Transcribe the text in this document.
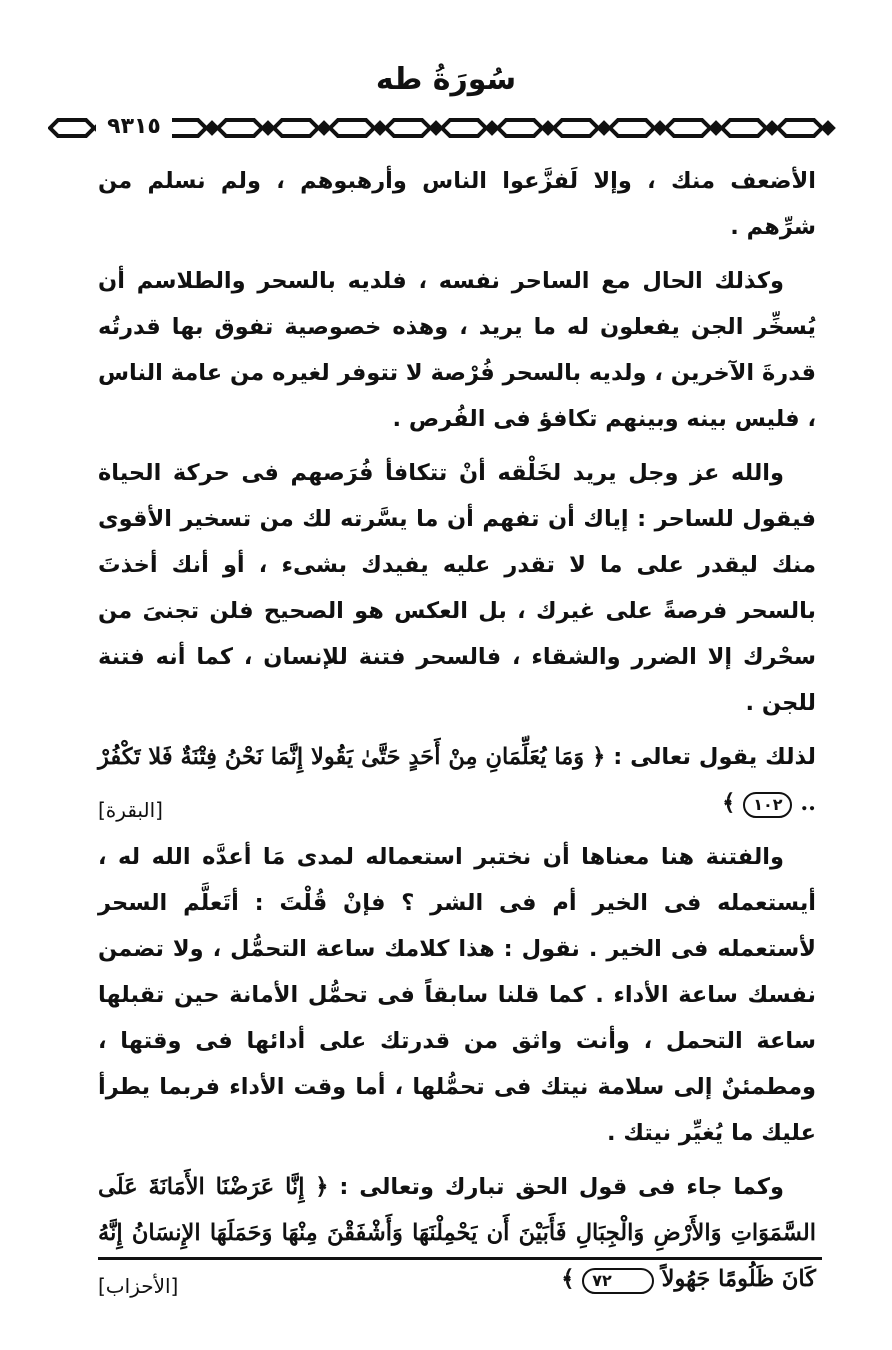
سُورَةُ طه
٩٣١٥

الأضعف منك ، وإلا لَفزَّعوا الناس وأرهبوهم ، ولم نسلم من شرِّهم .

وكذلك الحال مع الساحر نفسه ، فلديه بالسحر والطلاسم أن يُسخِّر الجن يفعلون له ما يريد ، وهذه خصوصية تفوق بها قدرتُه قدرةَ الآخرين ، ولديه بالسحر فُرْصة لا تتوفر لغيره من عامة الناس ، فليس بينه وبينهم تكافؤ فى الفُرص .

والله عز وجل يريد لخَلْقه أنْ تتكافأ فُرَصهم فى حركة الحياة فيقول للساحر : إياك أن تفهم أن ما يسَّرته لك من تسخير الأقوى منك ليقدر على ما لا تقدر عليه يفيدك بشىء ، أو أنك أخذتَ بالسحر فرصةً على غيرك ، بل العكس هو الصحيح فلن تجنىَ من سحْرك إلا الضرر والشقاء ، فالسحر فتنة للإنسان ، كما أنه فتنة للجن .

لذلك يقول تعالى : ﴿ وَمَا يُعَلِّمَانِ مِنْ أَحَدٍ حَتَّىٰ يَقُولا إِنَّمَا نَحْنُ فِتْنَةٌ فَلا تَكْفُرْ .. ١٠٢ ﴾

[البقرة]

والفتنة هنا معناها أن نختبر استعماله لمدى مَا أعدَّه الله له ، أيستعمله فى الخير أم فى الشر ؟ فإنْ قُلْتَ : أتَعلَّم السحر لأستعمله فى الخير . نقول : هذا كلامك ساعة التحمُّل ، ولا تضمن نفسك ساعة الأداء . كما قلنا سابقاً فى تحمُّل الأمانة حين تقبلها ساعة التحمل ، وأنت واثق من قدرتك على أدائها فى وقتها ، ومطمئنٌ إلى سلامة نيتك فى تحمُّلها ، أما وقت الأداء فربما يطرأ عليك ما يُغيِّر نيتك .

وكما جاء فى قول الحق تبارك وتعالى : ﴿ إِنَّا عَرَضْنَا الأَمَانَةَ عَلَى السَّمَوَاتِ وَالأَرْضِ وَالْجِبَالِ فَأَبَيْنَ أَن يَحْمِلْنَهَا وَأَشْفَقْنَ مِنْهَا وَحَمَلَهَا الإِنسَانُ إِنَّهُ كَانَ ظَلُومًا جَهُولاً ٧٢ ﴾

[الأحزاب]
